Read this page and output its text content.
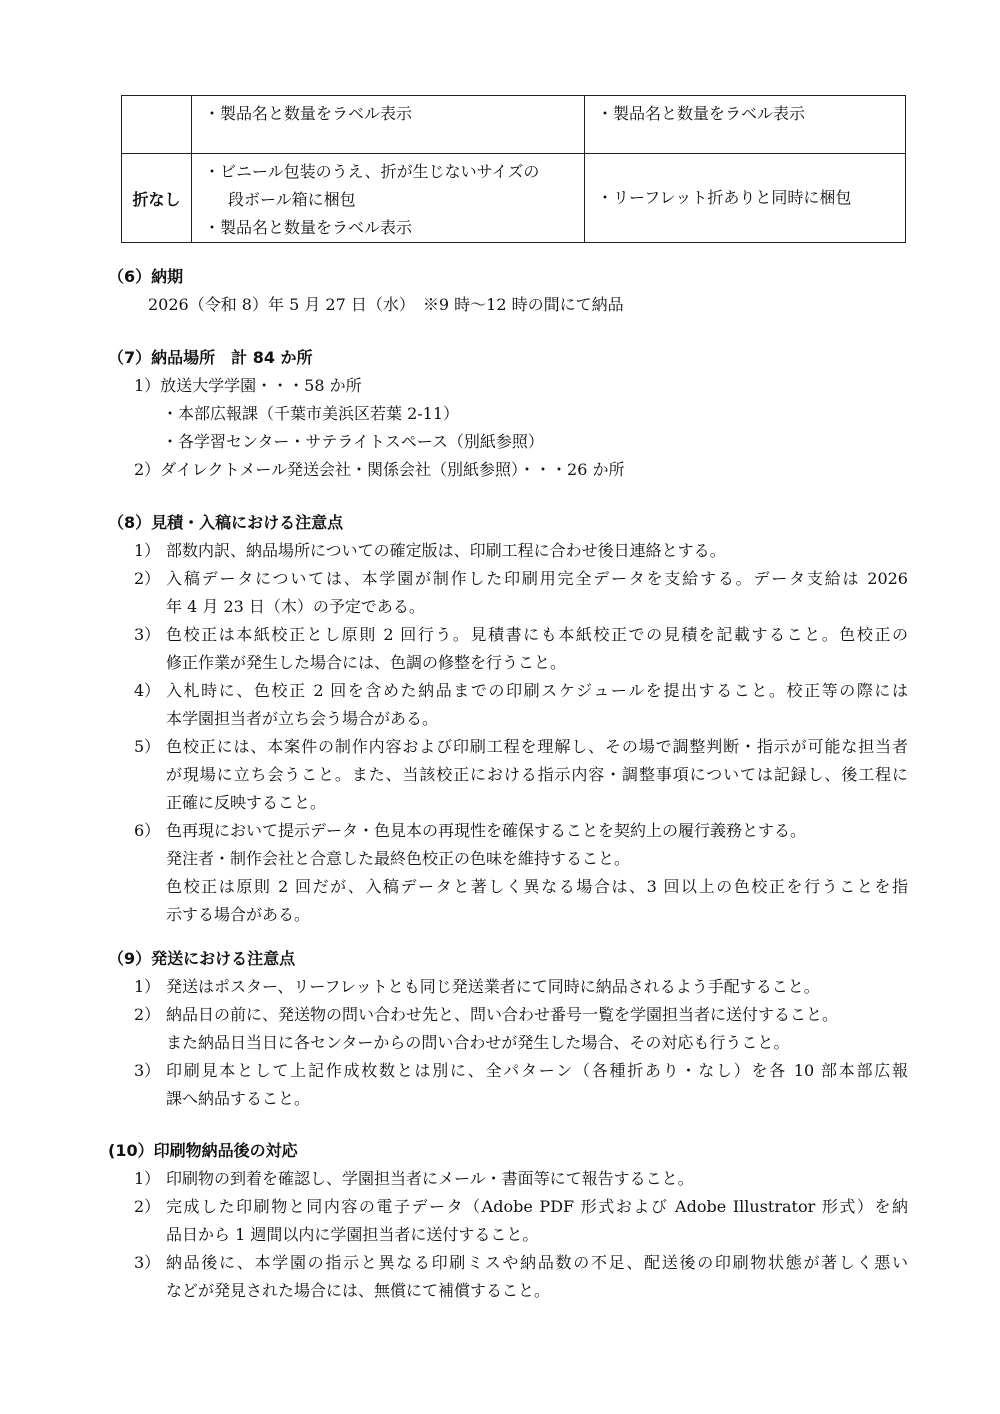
	・製品名と数量をラベル表示	・製品名と数量をラベル表示

折なし	・ビニール包装のうえ、折が生じないサイズの
段ボール箱に梱包
・製品名と数量をラベル表示	・リーフレット折ありと同時に梱包
（6）納期
2026（令和 8）年 5 月 27 日（水）　※9 時〜12 時の間にて納品
（7）納品場所　計 84 か所
1）放送大学学園・・・58 か所
・本部広報課（千葉市美浜区若葉 2-11）
・各学習センター・サテライトスペース（別紙参照）
2）ダイレクトメール発送会社・関係会社（別紙参照）・・・26 か所
（8）見積・入稿における注意点
1） 部数内訳、納品場所についての確定版は、印刷工程に合わせ後日連絡とする。
2） 入稿データについては、本学園が制作した印刷用完全データを支給する。データ支給は 2026
年 4 月 23 日（木）の予定である。
3） 色校正は本紙校正とし原則 2 回行う。見積書にも本紙校正での見積を記載すること。色校正の
修正作業が発生した場合には、色調の修整を行うこと。
4） 入札時に、色校正 2 回を含めた納品までの印刷スケジュールを提出すること。校正等の際には
本学園担当者が立ち会う場合がある。
5） 色校正には、本案件の制作内容および印刷工程を理解し、その場で調整判断・指示が可能な担当者
が現場に立ち会うこと。また、当該校正における指示内容・調整事項については記録し、後工程に
正確に反映すること。
6） 色再現において提示データ・色見本の再現性を確保することを契約上の履行義務とする。
発注者・制作会社と合意した最終色校正の色味を維持すること。
色校正は原則 2 回だが、入稿データと著しく異なる場合は、3 回以上の色校正を行うことを指
示する場合がある。
（9）発送における注意点
1） 発送はポスター、リーフレットとも同じ発送業者にて同時に納品されるよう手配すること。
2） 納品日の前に、発送物の問い合わせ先と、問い合わせ番号一覧を学園担当者に送付すること。
また納品日当日に各センターからの問い合わせが発生した場合、その対応も行うこと。
3） 印刷見本として上記作成枚数とは別に、全パターン（各種折あり・なし）を各 10 部本部広報
課へ納品すること。
(10）印刷物納品後の対応
1） 印刷物の到着を確認し、学園担当者にメール・書面等にて報告すること。
2） 完成した印刷物と同内容の電子データ（Adobe PDF 形式および Adobe Illustrator 形式）を納
品日から 1 週間以内に学園担当者に送付すること。
3） 納品後に、本学園の指示と異なる印刷ミスや納品数の不足、配送後の印刷物状態が著しく悪い
などが発見された場合には、無償にて補償すること。
